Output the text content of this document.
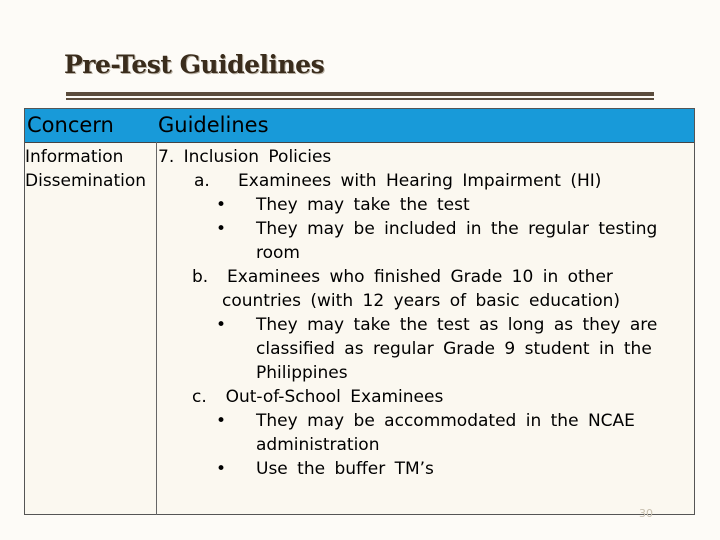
Pre-Test Guidelines
Concern Guidelines
Information
Dissemination
7. Inclusion Policies
a. Examinees with Hearing Impairment (HI)
• They may take the test
• They may be included in the regular testing
room
b. Examinees who finished Grade 10 in other
countries (with 12 years of basic education)
• They may take the test as long as they are
classified as regular Grade 9 student in the
Philippines
c. Out-of-School Examinees
• They may be accommodated in the NCAE
administration
• Use the buffer TM’s
30
